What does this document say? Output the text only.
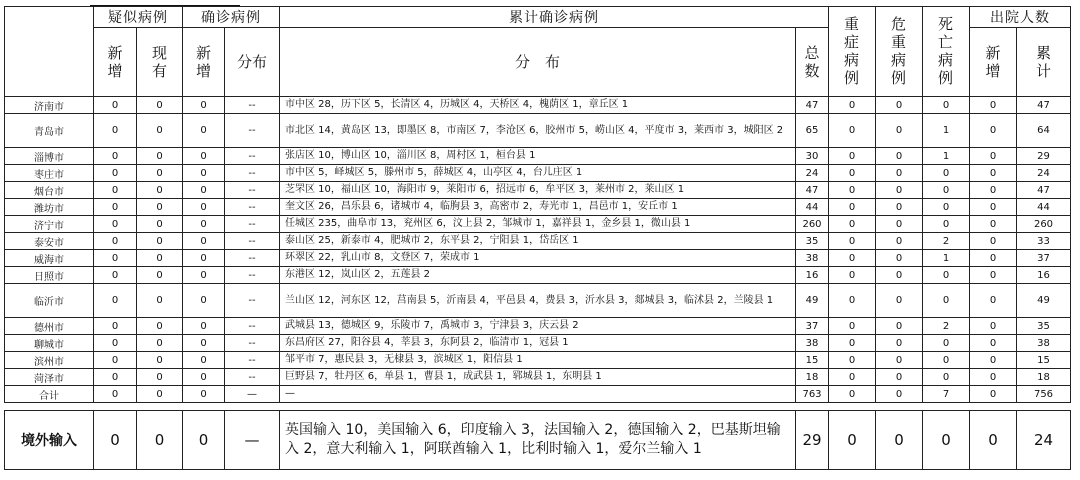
	疑似病例		确诊病例		累计确诊病例		重症病例	危重病例	死亡病例	出院人数	
	新增	现有	新增	分布	分　布	总数				新增	累计
济南市	0	0	0	--	市中区 28，历下区 5，长清区 4，历城区 4，天桥区 4，槐荫区 1，章丘区 1	47	0	0	0	0	47
青岛市	0	0	0	--	市北区 14，黄岛区 13，即墨区 8，市南区 7，李沧区 6，胶州市 5，崂山区 4，平度市 3，莱西市 3，城阳区 2	65	0	0	1	0	64
淄博市	0	0	0	--	张店区 10，博山区 10，淄川区 8，周村区 1，桓台县 1	30	0	0	1	0	29
枣庄市	0	0	0	--	市中区 5，峄城区 5，滕州市 5，薛城区 4，山亭区 4，台儿庄区 1	24	0	0	0	0	24
烟台市	0	0	0	--	芝罘区 10，福山区 10，海阳市 9，莱阳市 6，招远市 6，牟平区 3，莱州市 2，莱山区 1	47	0	0	0	0	47
潍坊市	0	0	0	--	奎文区 26，昌乐县 6，诸城市 4，临朐县 3，高密市 2，寿光市 1，昌邑市 1，安丘市 1	44	0	0	0	0	44
济宁市	0	0	0	--	任城区 235，曲阜市 13，兖州区 6，汶上县 2，邹城市 1，嘉祥县 1，金乡县 1，微山县 1	260	0	0	0	0	260
泰安市	0	0	0	--	泰山区 25，新泰市 4，肥城市 2，东平县 2，宁阳县 1，岱岳区 1	35	0	0	2	0	33
威海市	0	0	0	--	环翠区 22，乳山市 8，文登区 7，荣成市 1	38	0	0	1	0	37
日照市	0	0	0	--	东港区 12，岚山区 2，五莲县 2	16	0	0	0	0	16
临沂市	0	0	0	--	兰山区 12，河东区 12，莒南县 5，沂南县 4，平邑县 4，费县 3，沂水县 3，郯城县 3，临沭县 2，兰陵县 1	49	0	0	0	0	49
德州市	0	0	0	--	武城县 13，德城区 9，乐陵市 7，禹城市 3，宁津县 3，庆云县 2	37	0	0	2	0	35
聊城市	0	0	0	--	东昌府区 27，阳谷县 4，莘县 3，东阿县 2，临清市 1，冠县 1	38	0	0	0	0	38
滨州市	0	0	0	--	邹平市 7，惠民县 3，无棣县 3，滨城区 1，阳信县 1	15	0	0	0	0	15
菏泽市	0	0	0	--	巨野县 7，牡丹区 6，单县 1，曹县 1，成武县 1，郓城县 1，东明县 1	18	0	0	0	0	18
合计	0	0	0	—	—	763	0	0	7	0	756

境外输入	0	0	0	—	英国输入 10，美国输入 6，印度输入 3，法国输入 2，德国输入 2，巴基斯坦输入 2，意大利输入 1，阿联酋输入 1，比利时输入 1，爱尔兰输入 1	29	0	0	0	0	24
